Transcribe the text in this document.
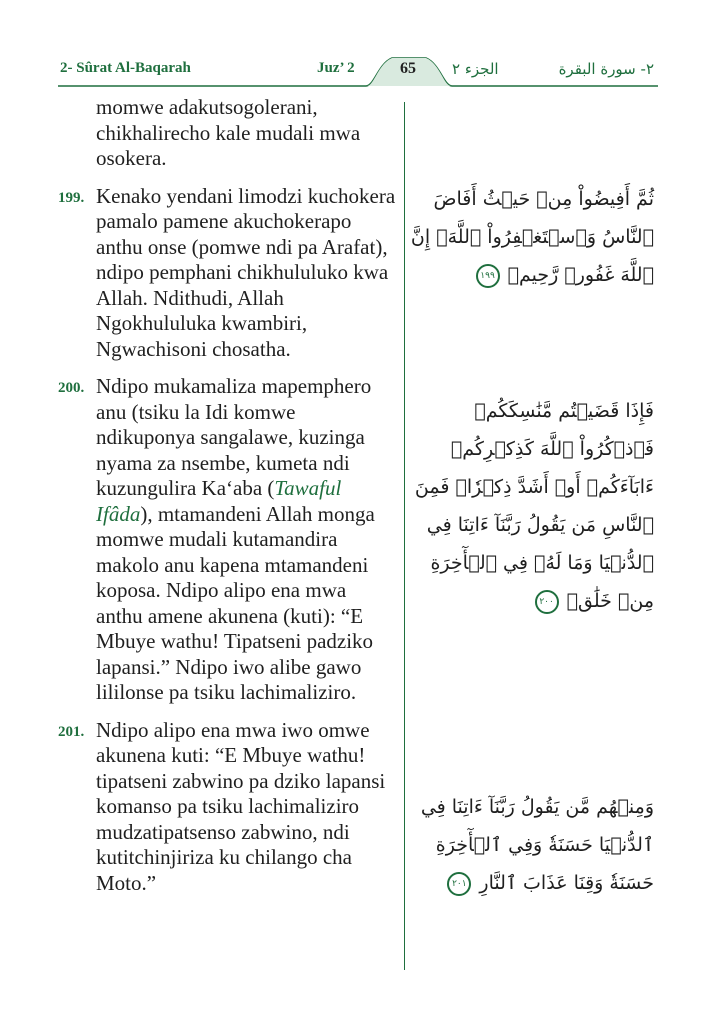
2- Sûrat Al-Baqarah	Juz’ 2	65	الجزء ٢	٢- سورة البقرة

momwe adakutsogolerani, chikhalirecho kale mudali mwa osokera.

199. Kenako yendani limodzi kuchokera pamalo pamene akuchokerapo anthu onse (pomwe ndi pa Arafat), ndipo pemphani chikhululuko kwa Allah. Ndithudi, Allah Ngokhululuka kwambiri, Ngwachisoni chosatha.
200. Ndipo mukamaliza mapemphero anu (tsiku la Idi komwe ndikuponya sangalawe, kuzinga nyama za nsembe, kumeta ndi kuzungulira Ka‘aba (Tawaful Ifâda), mtamandeni Allah monga momwe mudali kutamandira makolo anu kapena mtamandeni koposa. Ndipo alipo ena mwa anthu amene akunena (kuti): “E Mbuye wathu! Tipatseni padziko lapansi.” Ndipo iwo alibe gawo lililonse pa tsiku lachimaliziro.
201. Ndipo alipo ena mwa iwo omwe akunena kuti: “E Mbuye wathu! tipatseni zabwino pa dziko lapansi komanso pa tsiku lachimaliziro mudzatipatsenso zabwino, ndi kutitchinjiriza ku chilango cha Moto.”
ثُمَّ أَفِيضُواْ مِنۡ حَيۡثُ أَفَاضَ ٱلنَّاسُ وَٱسۡتَغۡفِرُواْ ٱللَّهَۚ إِنَّ ٱللَّهَ غَفُورٞ رَّحِيمٞ ١٩٩
فَإِذَا قَضَيۡتُم مَّنَٰسِكَكُمۡ فَٱذۡكُرُواْ ٱللَّهَ كَذِكۡرِكُمۡ ءَابَآءَكُمۡ أَوۡ أَشَدَّ ذِكۡرٗاۗ فَمِنَ ٱلنَّاسِ مَن يَقُولُ رَبَّنَآ ءَاتِنَا فِي ٱلدُّنۡيَا وَمَا لَهُۥ فِي ٱلۡأٓخِرَةِ مِنۡ خَلَٰقٖ ٢٠٠
وَمِنۡهُم مَّن يَقُولُ رَبَّنَآ ءَاتِنَا فِي ٱلدُّنۡيَا حَسَنَةٗ وَفِي ٱلۡأٓخِرَةِ حَسَنَةٗ وَقِنَا عَذَابَ ٱلنَّارِ ٢٠١
